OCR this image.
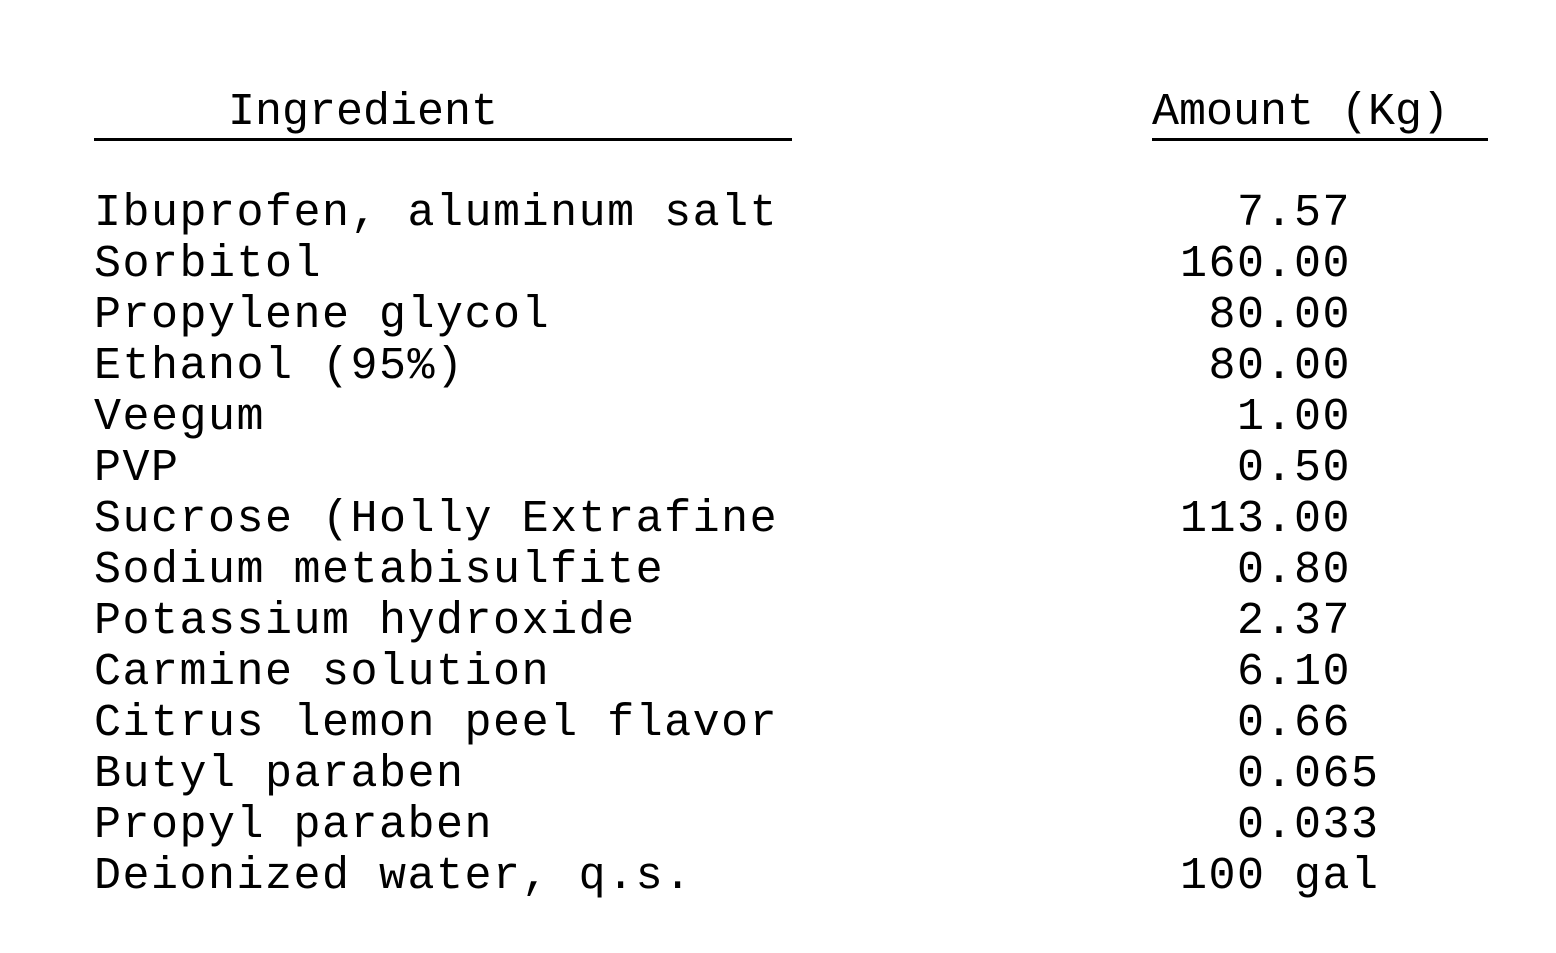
Ingredient	Amount (Kg)
Ibuprofen, aluminum salt	7.57
Sorbitol	160.00
Propylene glycol	80.00
Ethanol (95%)	80.00
Veegum	1.00
PVP	0.50
Sucrose (Holly Extrafine	113.00
Sodium metabisulfite	0.80
Potassium hydroxide	2.37
Carmine solution	6.10
Citrus lemon peel flavor	0.66
Butyl paraben	0.065
Propyl paraben	0.033
Deionized water, q.s.	100 gal
